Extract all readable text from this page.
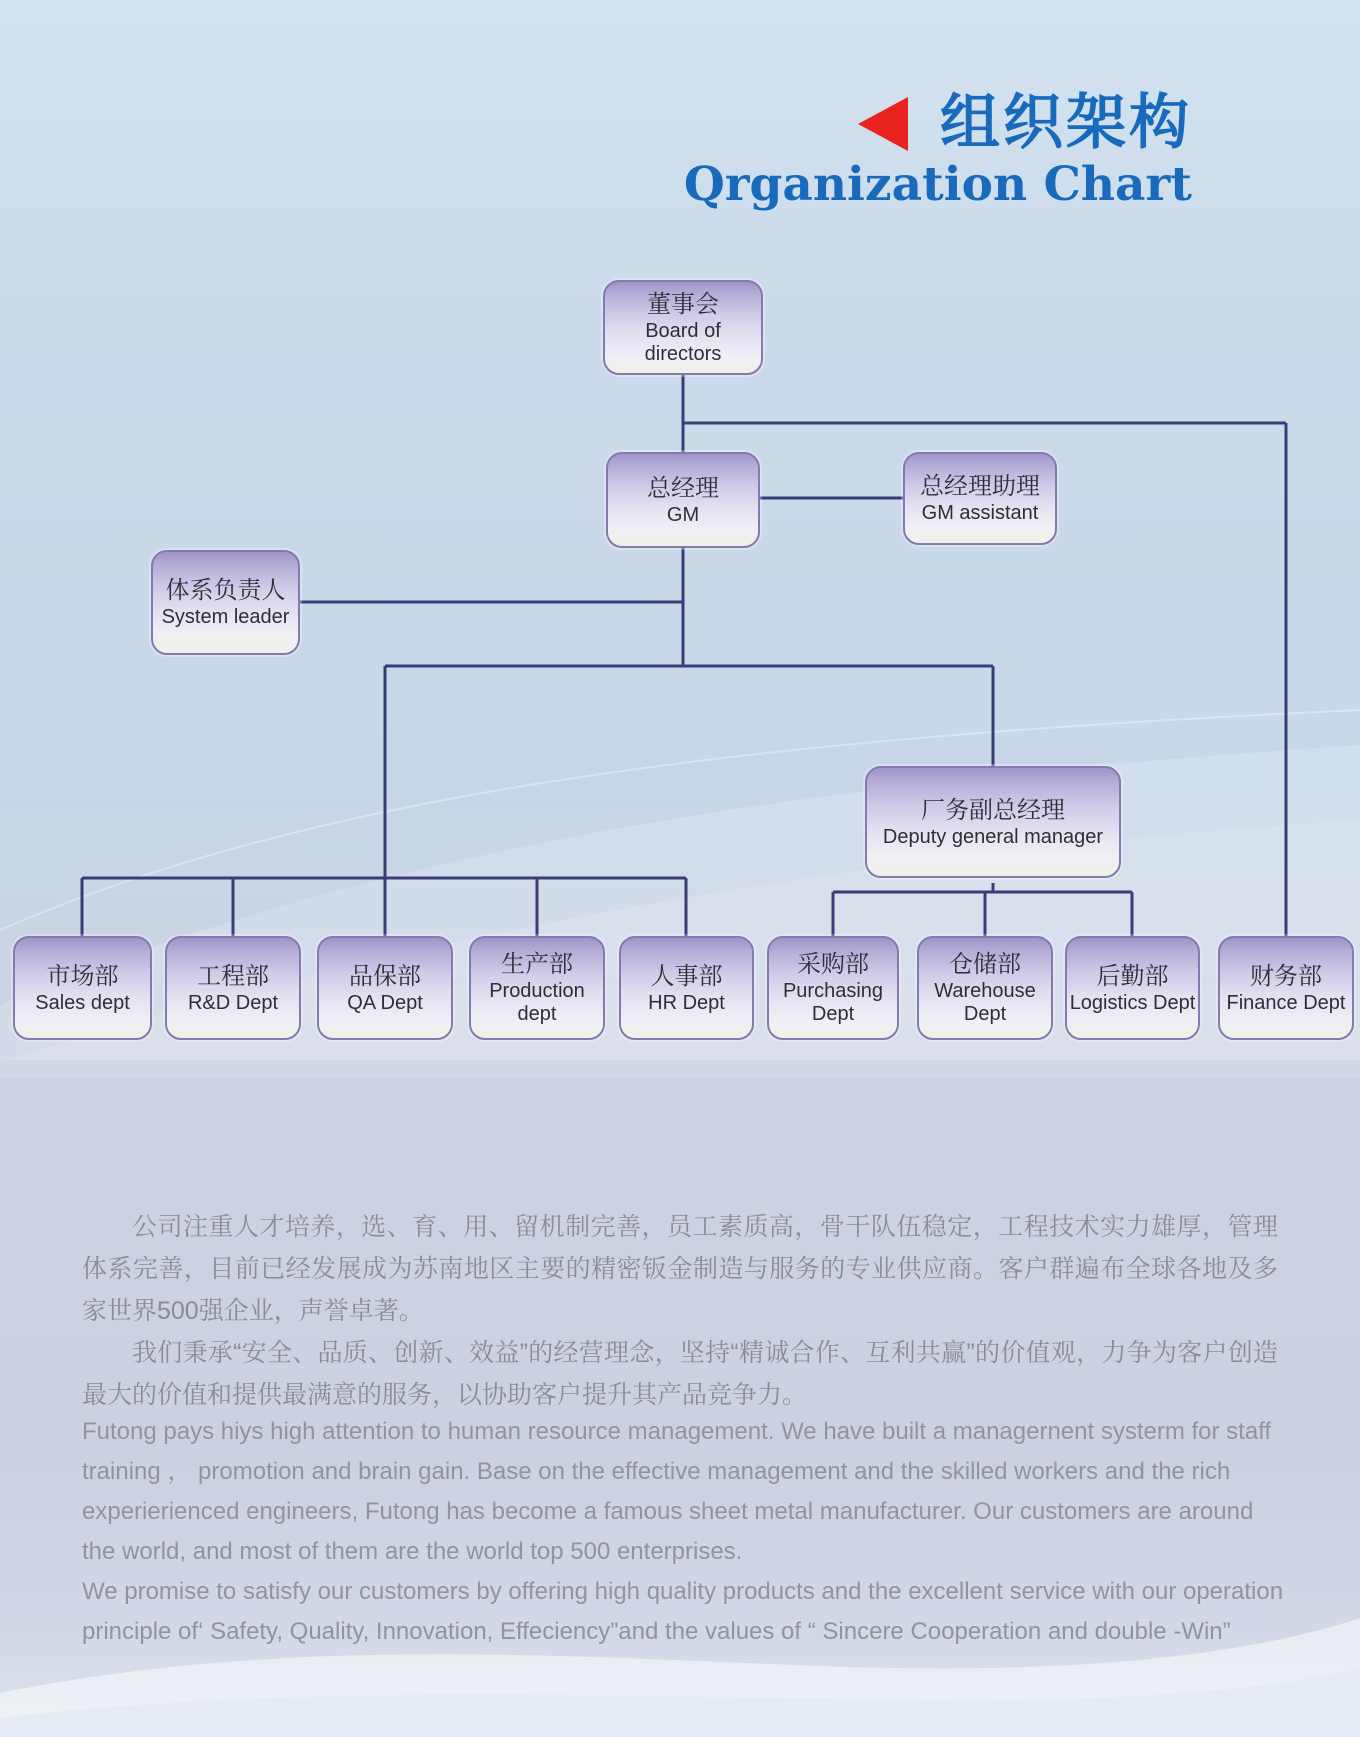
组织架构
Qrganization Chart
董事会
Board of directors
总经理
GM
总经理助理
GM assistant
体系负责人
System leader
厂务副总经理
Deputy general manager
市场部
Sales dept
工程部
R&D Dept
品保部
QA Dept
生产部
Production dept
人事部
HR Dept
采购部
Purchasing Dept
仓储部
Warehouse Dept
后勤部
Logistics Dept
财务部
Finance Dept

公司注重人才培养，选、育、用、留机制完善，员工素质高，骨干队伍稳定，工程技术实力雄厚，管理体系完善，目前已经发展成为苏南地区主要的精密钣金制造与服务的专业供应商。客户群遍布全球各地及多家世界500强企业，声誉卓著。

我们秉承“安全、品质、创新、效益”的经营理念，坚持“精诚合作、互利共赢”的价值观，力争为客户创造最大的价值和提供最满意的服务，以协助客户提升其产品竞争力。

Futong pays hiys high attention to human resource management. We have built a managernent systerm for staff training ， promotion and brain gain. Base on the effective management and the skilled workers and the rich experierienced engineers, Futong has become a famous sheet metal manufacturer. Our customers are around the world, and most of them are the world top 500 enterprises.

We promise to satisfy our customers by offering high quality products and the excellent service with our operation principle of‘ Safety, Quality, Innovation, Effeciency”and the values of “ Sincere Cooperation and double -Win”
